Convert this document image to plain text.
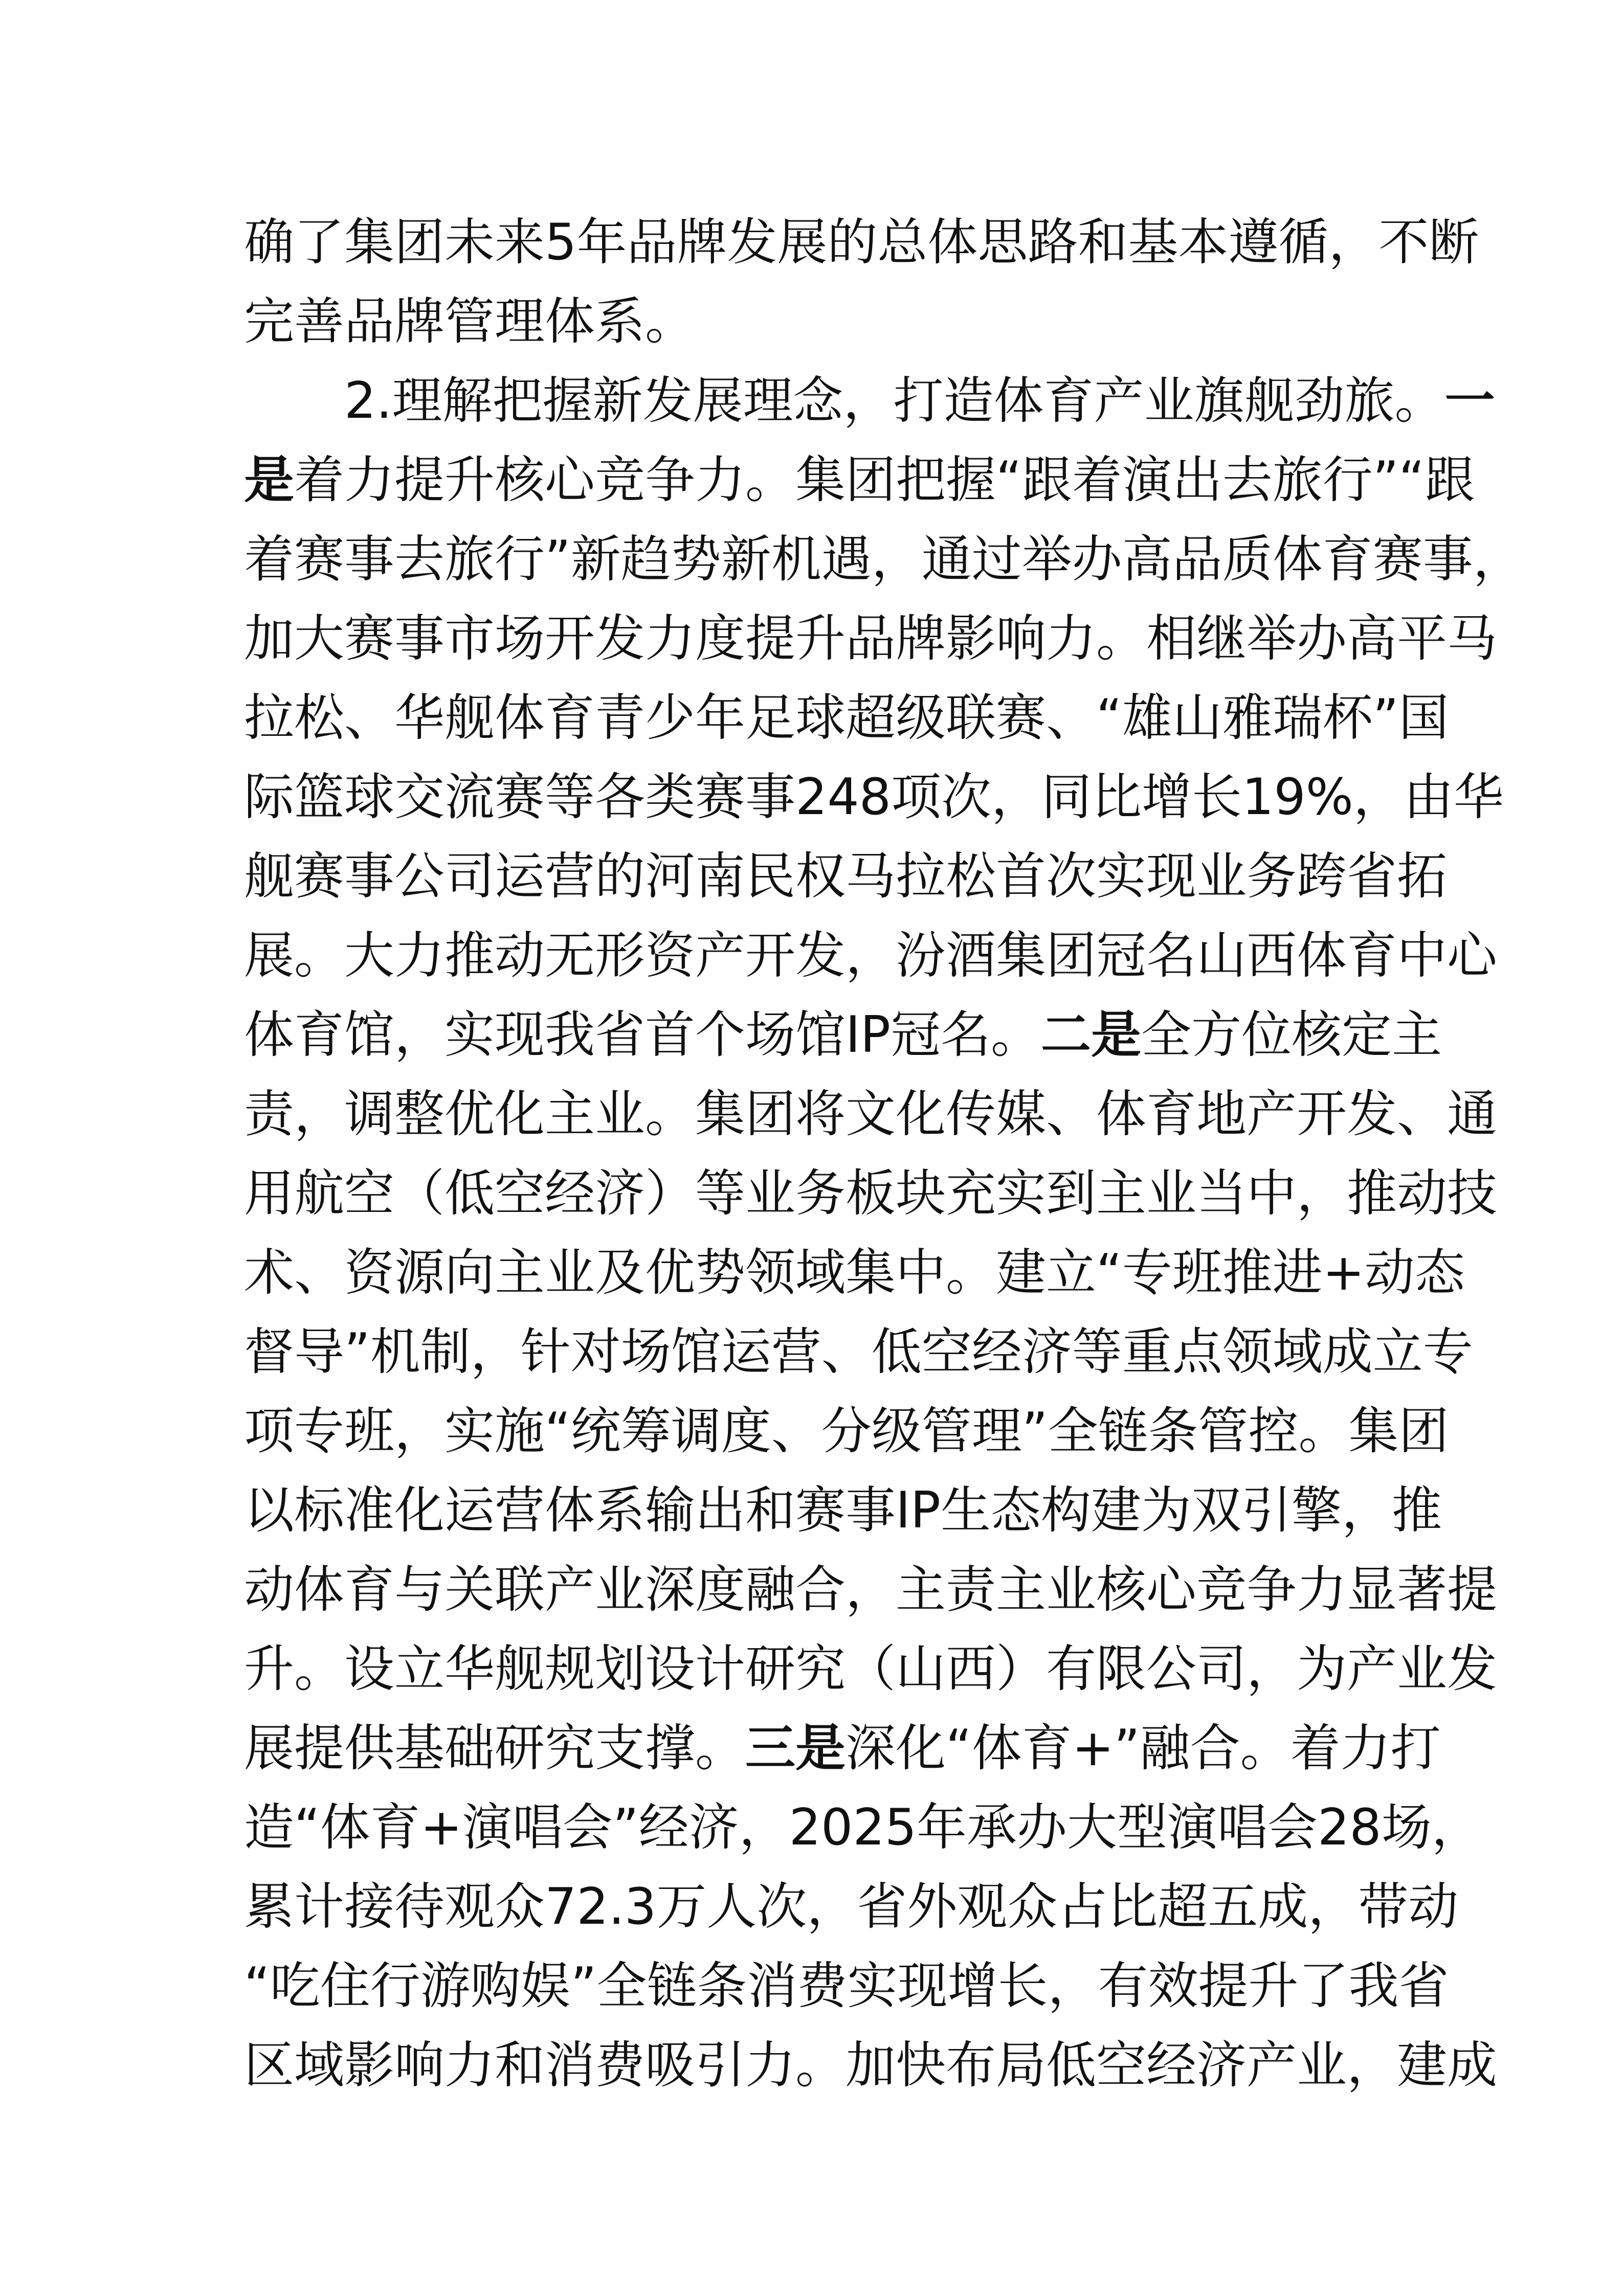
确了集团未来5年品牌发展的总体思路和基本遵循，不断
完善品牌管理体系。
2.理解把握新发展理念，打造体育产业旗舰劲旅。 一
是 着力提升核心竞争力。集团把握“跟着演出去旅行”“跟
着赛事去旅行”新趋势新机遇，通过举办高品质体育赛事，
加大赛事市场开发力度提升品牌影响力。相继举办高平马
拉松、华舰体育青少年足球超级联赛、“雄山雅瑞杯”国
际篮球交流赛等各类赛事248项次，同比增长19%，由华
舰赛事公司运营的河南民权马拉松首次实现业务跨省拓
展。大力推动无形资产开发，汾酒集团冠名山西体育中心
体育馆，实现我省首个场馆IP冠名。 二是全方位核定主
责，调整优化主业。集团将文化传媒、体育地产开发、通
用航空（低空经济）等业务板块充实到主业当中，推动技
术、资源向主业及优势领域集中。建立“专班推进+动态
督导”机制，针对场馆运营、低空经济等重点领域成立专
项专班，实施“统筹调度、分级管理”全链条管控。集团
以标准化运营体系输出和赛事IP生态构建为双引擎，推
动体育与关联产业深度融合，主责主业核心竞争力显著提
升。设立华舰规划设计研究（山西）有限公司，为产业发
展提供基础研究支撑。 三是深化“体育+”融合。着力打
造“体育+演唱会”经济，2025年承办大型演唱会28场，
累计接待观众72.3万人次，省外观众占比超五成，带动
“吃住行游购娱”全链条消费实现增长，有效提升了我省
区域影响力和消费吸引力。加快布局低空经济产业，建成
